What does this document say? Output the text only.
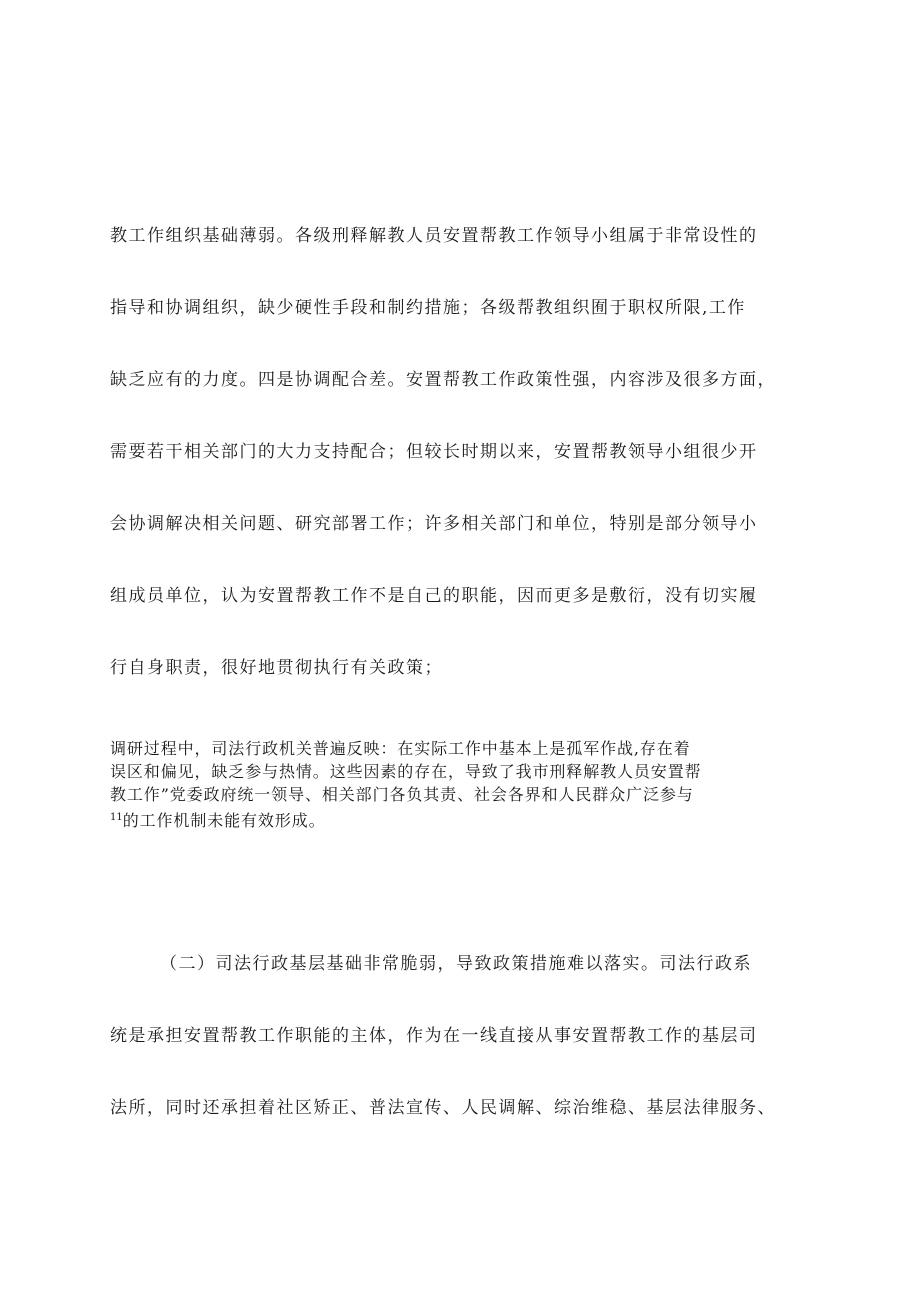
教工作组织基础薄弱。各级刑释解教人员安置帮教工作领导小组属于非常设性的
指导和协调组织，缺少硬性手段和制约措施；各级帮教组织囿于职权所限,工作
缺乏应有的力度。四是协调配合差。安置帮教工作政策性强，内容涉及很多方面，
需要若干相关部门的大力支持配合；但较长时期以来，安置帮教领导小组很少开
会协调解决相关问题、研究部署工作；许多相关部门和单位，特别是部分领导小
组成员单位，认为安置帮教工作不是自己的职能，因而更多是敷衍，没有切实履
行自身职责，很好地贯彻执行有关政策；
调研过程中，司法行政机关普遍反映：在实际工作中基本上是孤军作战,存在着
误区和偏见，缺乏参与热情。这些因素的存在，导致了我市刑释解教人员安置帮
教工作”党委政府统一领导、相关部门各负其责、社会各界和人民群众广泛参与
$^{11}$的工作机制未能有效形成。
（二）司法行政基层基础非常脆弱，导致政策措施难以落实。司法行政系
统是承担安置帮教工作职能的主体，作为在一线直接从事安置帮教工作的基层司
法所，同时还承担着社区矫正、普法宣传、人民调解、综治维稳、基层法律服务、
